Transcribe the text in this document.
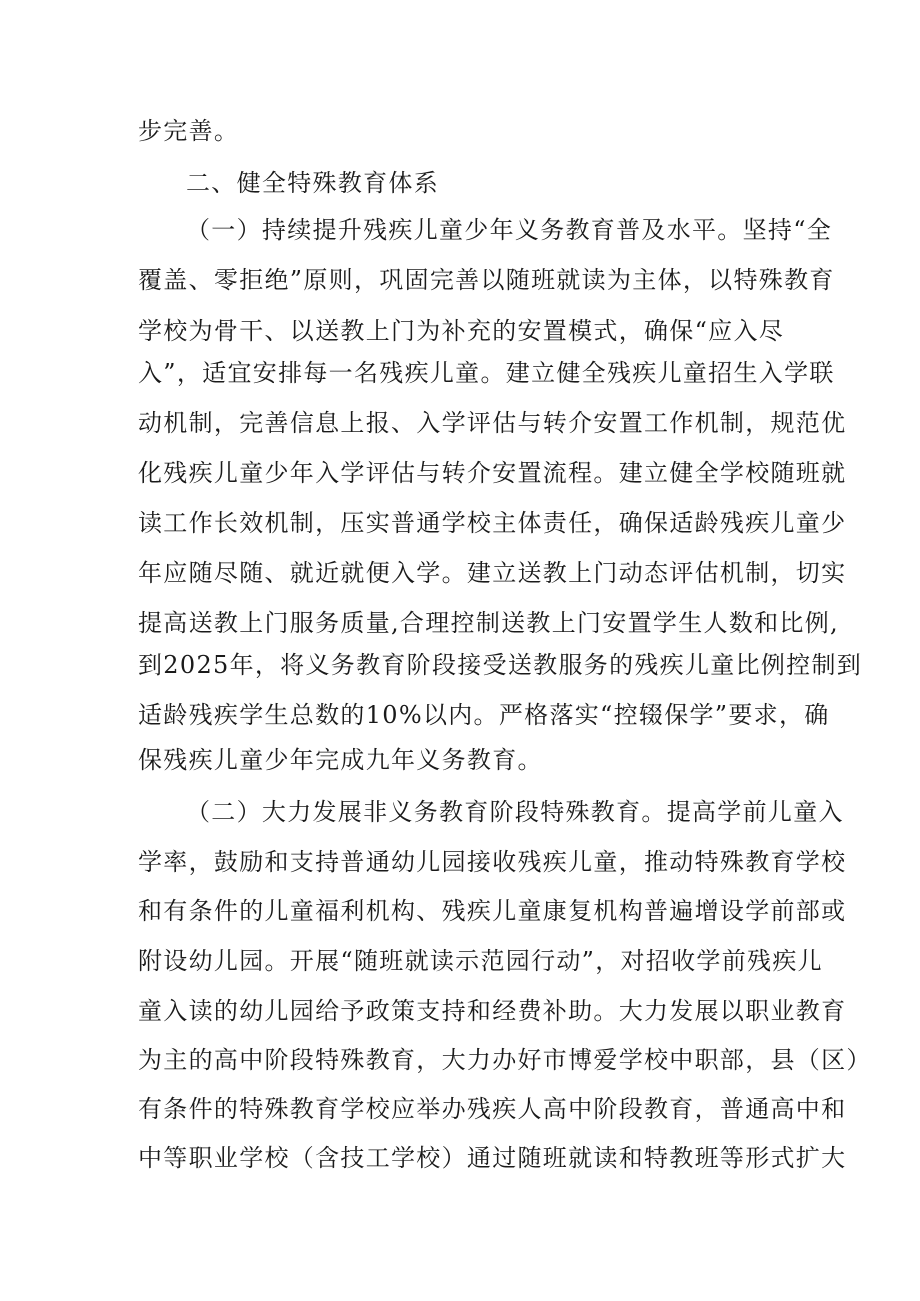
步完善。
二、健全特殊教育体系
（一）持续提升残疾儿童少年义务教育普及水平。坚持“全
覆盖、零拒绝”原则，巩固完善以随班就读为主体，以特殊教育
学校为骨干、以送教上门为补充的安置模式，确保“应入尽
入”，适宜安排每一名残疾儿童。建立健全残疾儿童招生入学联
动机制，完善信息上报、入学评估与转介安置工作机制，规范优
化残疾儿童少年入学评估与转介安置流程。建立健全学校随班就
读工作长效机制，压实普通学校主体责任，确保适龄残疾儿童少
年应随尽随、就近就便入学。建立送教上门动态评估机制，切实
提高送教上门服务质量,合理控制送教上门安置学生人数和比例,
到2025年，将义务教育阶段接受送教服务的残疾儿童比例控制到
适龄残疾学生总数的10%以内。严格落实“控辍保学”要求，确
保残疾儿童少年完成九年义务教育。
（二）大力发展非义务教育阶段特殊教育。提高学前儿童入
学率，鼓励和支持普通幼儿园接收残疾儿童，推动特殊教育学校
和有条件的儿童福利机构、残疾儿童康复机构普遍增设学前部或
附设幼儿园。开展“随班就读示范园行动”，对招收学前残疾儿
童入读的幼儿园给予政策支持和经费补助。大力发展以职业教育
为主的高中阶段特殊教育，大力办好市博爱学校中职部，县（区）
有条件的特殊教育学校应举办残疾人高中阶段教育，普通高中和
中等职业学校（含技工学校）通过随班就读和特教班等形式扩大
